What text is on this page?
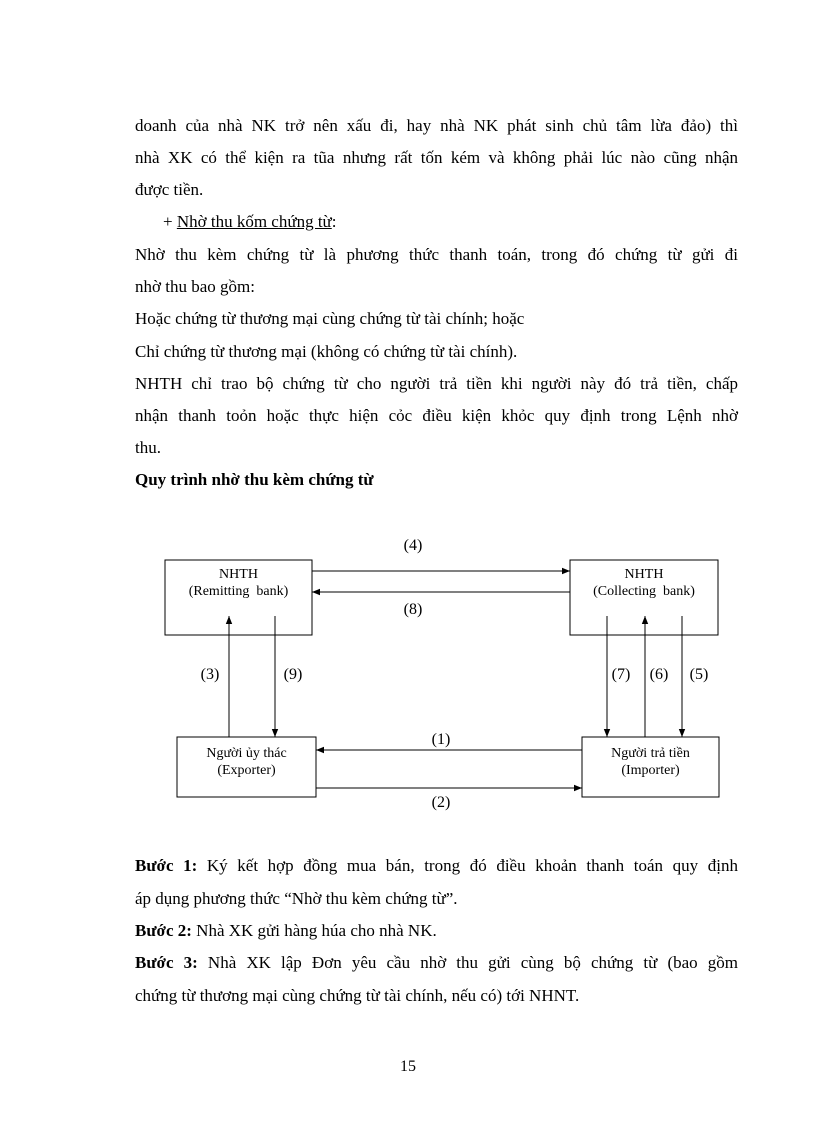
doanh của nhà NK trở nên xấu đi, hay nhà NK phát sinh chủ tâm lừa đảo) thì
nhà XK có thể kiện ra tũa nhưng rất tốn kém và không phải lúc nào cũng nhận
được tiền.
+ Nhờ thu kốm chứng từ:
Nhờ thu kèm chứng từ là phương thức thanh toán, trong đó chứng từ gửi đi
nhờ thu bao gồm:
Hoặc chứng từ thương mại cùng chứng từ tài chính; hoặc
Chỉ chứng từ thương mại (không có chứng từ tài chính).
NHTH chỉ trao bộ chứng từ cho người trả tiền khi người này đó trả tiền, chấp
nhận thanh toỏn hoặc thực hiện cỏc điều kiện khỏc quy định trong Lệnh nhờ
thu.
Quy trình nhờ thu kèm chứng từ
NHTH
(Remitting  bank)
NHTH
(Collecting  bank)
Người ủy thác
(Exporter)
Người trả tiền
(Importer)
(4)
(8)
(3)	(9)	(7)	(6)	(5)
(1)
(2)
Bước 1: Ký kết hợp đồng mua bán, trong đó điều khoản thanh toán quy định
áp dụng phương thức “Nhờ thu kèm chứng từ”.
Bước 2: Nhà XK gửi hàng húa cho nhà NK.
Bước 3: Nhà XK lập Đơn yêu cầu nhờ thu gửi cùng bộ chứng từ (bao gồm
chứng từ thương mại cùng chứng từ tài chính, nếu có) tới NHNT.
15
